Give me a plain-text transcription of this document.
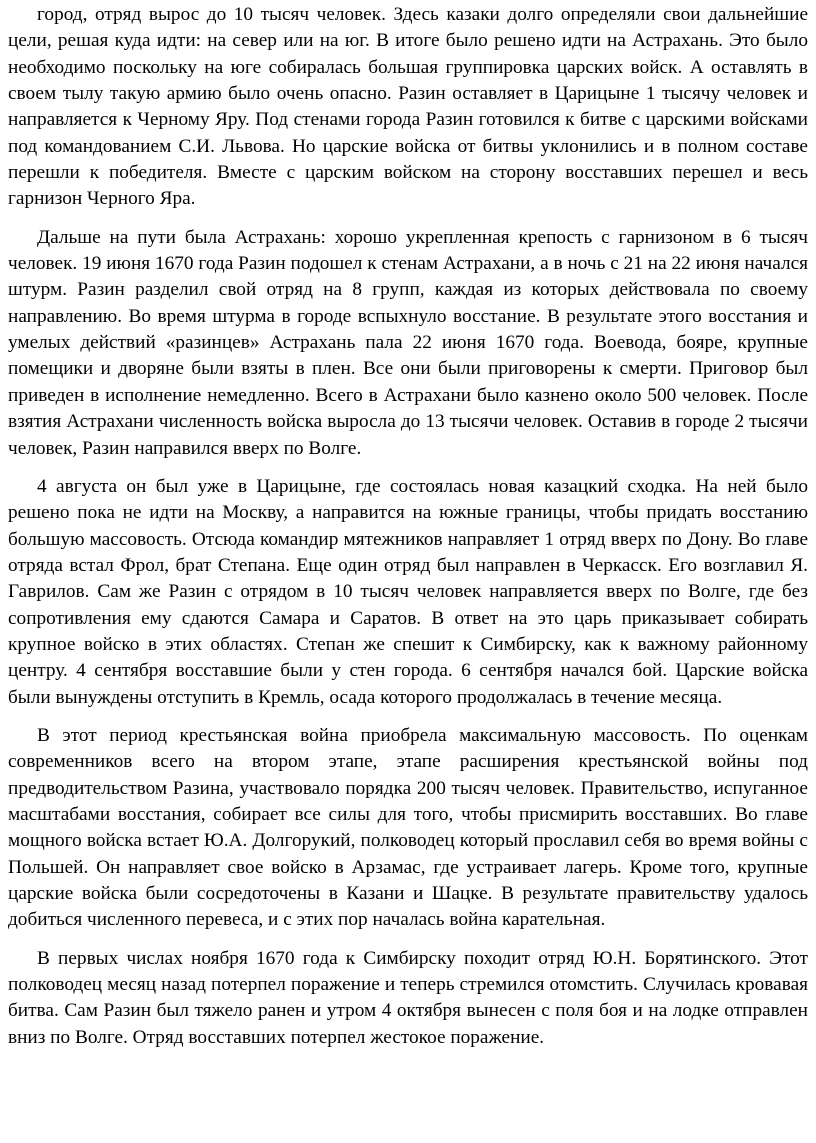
город, отряд вырос до 10 тысяч человек. Здесь казаки долго определяли свои дальнейшие цели, решая куда идти: на север или на юг. В итоге было решено идти на Астрахань. Это было необходимо поскольку на юге собиралась большая группировка царских войск. А оставлять в своем тылу такую армию было очень опасно. Разин оставляет в Царицыне 1 тысячу человек и направляется к Черному Яру. Под стенами города Разин готовился к битве с царскими войсками под командованием С.И. Львова. Но царские войска от битвы уклонились и в полном составе перешли к победителя. Вместе с царским войском на сторону восставших перешел и весь гарнизон Черного Яра.

Дальше на пути была Астрахань: хорошо укрепленная крепость с гарнизоном в 6 тысяч человек. 19 июня 1670 года Разин подошел к стенам Астрахани, а в ночь с 21 на 22 июня начался штурм. Разин разделил свой отряд на 8 групп, каждая из которых действовала по своему направлению. Во время штурма в городе вспыхнуло восстание. В результате этого восстания и умелых действий «разинцев» Астрахань пала 22 июня 1670 года. Воевода, бояре, крупные помещики и дворяне были взяты в плен. Все они были приговорены к смерти. Приговор был приведен в исполнение немедленно. Всего в Астрахани было казнено около 500 человек. После взятия Астрахани численность войска выросла до 13 тысячи человек. Оставив в городе 2 тысячи человек, Разин направился вверх по Волге.

4 августа он был уже в Царицыне, где состоялась новая казацкий сходка. На ней было решено пока не идти на Москву, а направится на южные границы, чтобы придать восстанию большую массовость. Отсюда командир мятежников направляет 1 отряд вверх по Дону. Во главе отряда встал Фрол, брат Степана. Еще один отряд был направлен в Черкасск. Его возглавил Я. Гаврилов. Сам же Разин с отрядом в 10 тысяч человек направляется вверх по Волге, где без сопротивления ему сдаются Самара и Саратов. В ответ на это царь приказывает собирать крупное войско в этих областях. Степан же спешит к Симбирску, как к важному районному центру. 4 сентября восставшие были у стен города. 6 сентября начался бой. Царские войска были вынуждены отступить в Кремль, осада которого продолжалась в течение месяца.

В этот период крестьянская война приобрела максимальную массовость. По оценкам современников всего на втором этапе, этапе расширения крестьянской войны под предводительством Разина, участвовало порядка 200 тысяч человек. Правительство, испуганное масштабами восстания, собирает все силы для того, чтобы присмирить восставших. Во главе мощного войска встает Ю.А. Долгорукий, полководец который прославил себя во время войны с Польшей. Он направляет свое войско в Арзамас, где устраивает лагерь. Кроме того, крупные царские войска были сосредоточены в Казани и Шацке. В результате правительству удалось добиться численного перевеса, и с этих пор началась война карательная.

В первых числах ноября 1670 года к Симбирску походит отряд Ю.Н. Борятинского. Этот полководец месяц назад потерпел поражение и теперь стремился отомстить. Случилась кровавая битва. Сам Разин был тяжело ранен и утром 4 октября вынесен с поля боя и на лодке отправлен вниз по Волге. Отряд восставших потерпел жестокое поражение.
